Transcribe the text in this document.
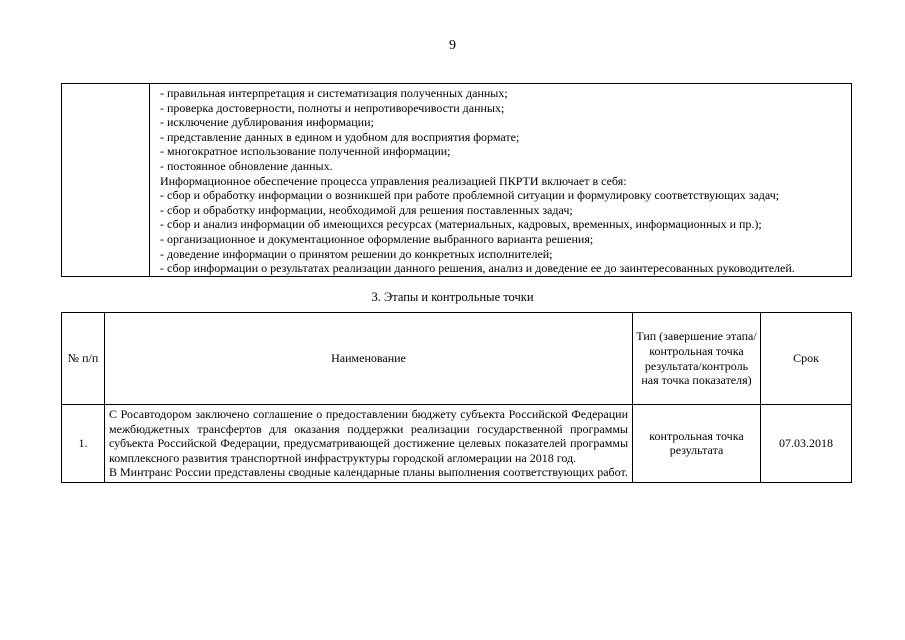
9

- правильная интерпретация и систематизация полученных данных;
- проверка достоверности, полноты и непротиворечивости данных;
- исключение дублирования информации;
- представление данных в едином и удобном для восприятия формате;
- многократное использование полученной информации;
- постоянное обновление данных.
Информационное обеспечение процесса управления реализацией ПКРТИ включает в себя:
- сбор и обработку информации о возникшей при работе проблемной ситуации и формулировку соответствующих задач;
- сбор и обработку информации, необходимой для решения поставленных задач;
- сбор и анализ информации об имеющихся ресурсах (материальных, кадровых, временных, информационных и пр.);
- организационное и документационное оформление выбранного варианта решения;
- доведение информации о принятом решении до конкретных исполнителей;
- сбор информации о результатах реализации данного решения, анализ и доведение ее до заинтересованных руководителей.
3. Этапы и контрольные точки
№ п/п	Наименование	Тип (завершение этапа/контрольная точка результата/контроль ная точка показателя)	Срок
1.	С Росавтодором заключено соглашение о предоставлении бюджету субъекта Российской Федерации межбюджетных трансфертов для оказания поддержки реализации государственной программы субъекта Российской Федерации, предусматривающей достижение целевых показателей программы комплексного развития транспортной инфраструктуры городской агломерации на 2018 год.

В Минтранс России представлены сводные календарные планы выполнения соответствующих работ.	контрольная точка результата	07.03.2018
